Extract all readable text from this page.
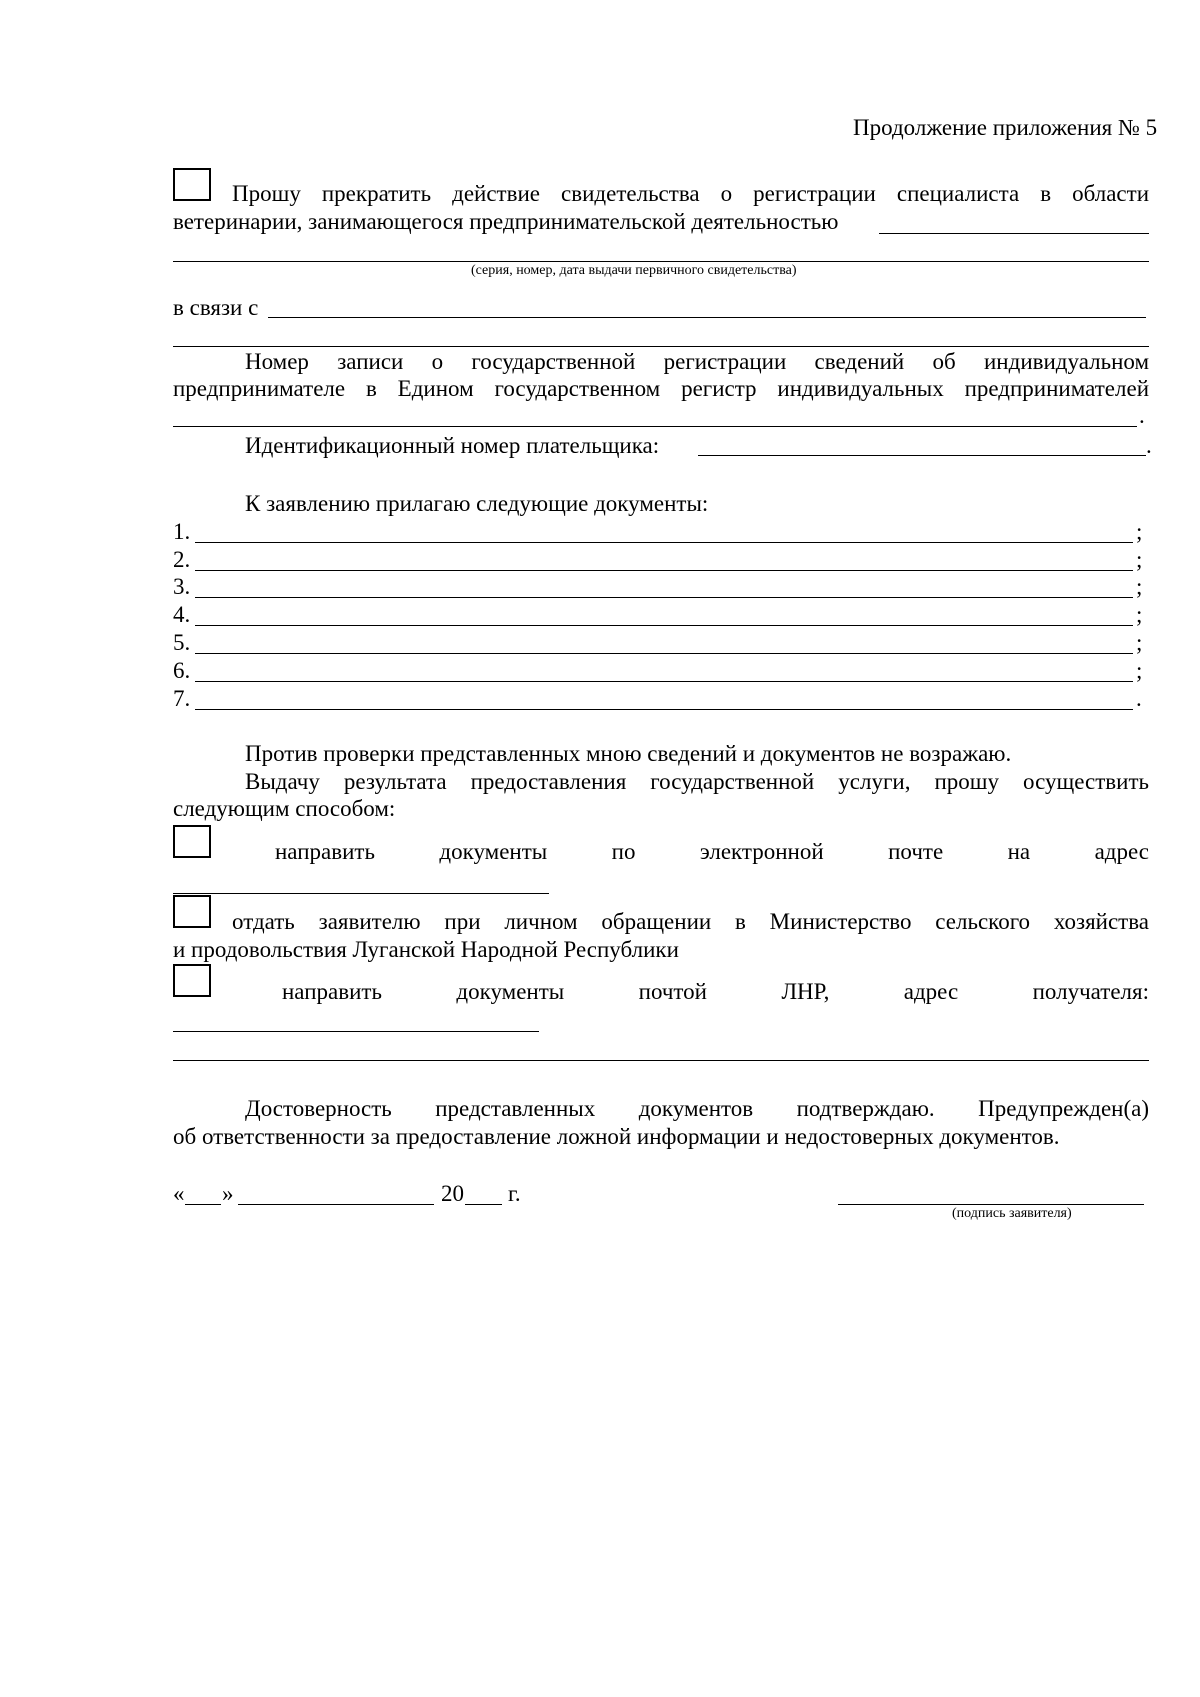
Продолжение приложения № 5
Прошу прекратить действие свидетельства о регистрации специалиста в области
ветеринарии, занимающегося предпринимательской деятельностью
(серия, номер, дата выдачи первичного свидетельства)
в связи с
Номер записи о государственной регистрации сведений об индивидуальном
предпринимателе в Едином государственном регистр индивидуальных предпринимателей
.
Идентификационный номер плательщика:	.
К заявлению прилагаю следующие документы:
1.	;
2.	;
3.	;
4.	;
5.	;
6.	;
7.	.
Против проверки представленных мною сведений и документов не возражаю.
Выдачу результата предоставления государственной услуги, прошу осуществить
следующим способом:
направить	документы	по	электронной	почте	на	адрес
отдать заявителю при личном обращении в Министерство сельского хозяйства
и продовольствия Луганской Народной Республики
направить	документы	почтой	ЛНР,	адрес	получателя:
Достоверность представленных документов подтверждаю. Предупрежден(а)
об ответственности за предоставление ложной информации и недостоверных документов.
« »	20 г.
(подпись заявителя)
